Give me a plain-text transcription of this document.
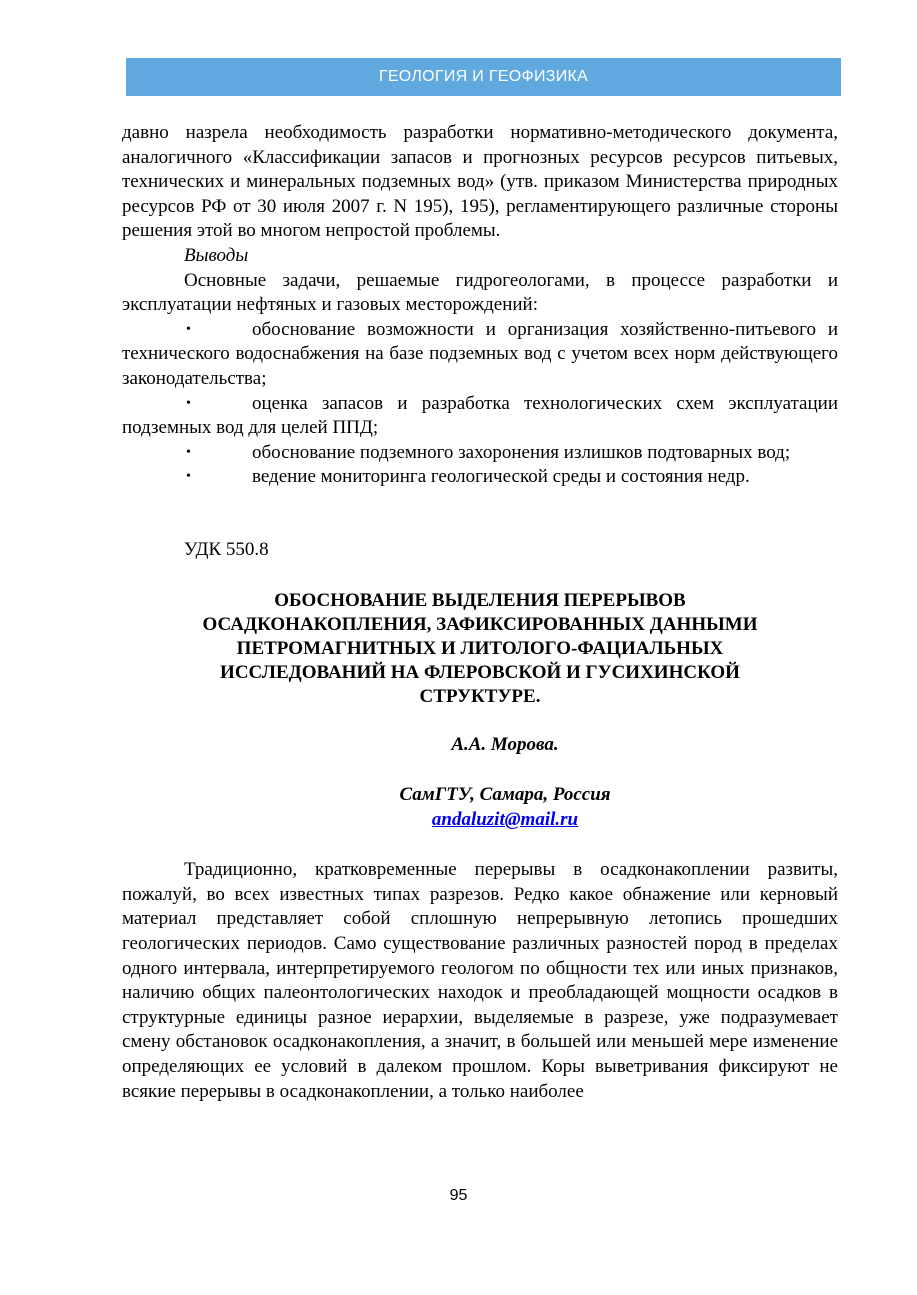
ГЕОЛОГИЯ И ГЕОФИЗИКА

давно назрела необходимость разработки нормативно-методического документа, аналогичного «Классификации запасов и прогнозных ресурсов ресурсов питьевых, технических и минеральных подземных вод» (утв. приказом Министерства природных ресурсов РФ от 30 июля 2007 г. N 195), 195), регламентирующего различные стороны решения этой во многом непростой проблемы.

Выводы

Основные задачи, решаемые гидрогеологами, в процессе разработки и эксплуатации нефтяных и газовых месторождений:

•	обоснование возможности и организация хозяйственно-питьевого и технического водоснабжения на базе подземных вод с учетом всех норм действующего законодательства;
•	оценка запасов и разработка технологических схем эксплуатации подземных вод для целей ППД;
•	обоснование подземного захоронения излишков подтоварных вод;
•	ведение мониторинга геологической среды и состояния недр.

УДК 550.8

ОБОСНОВАНИЕ ВЫДЕЛЕНИЯ ПЕРЕРЫВОВ ОСАДКОНАКОПЛЕНИЯ, ЗАФИКСИРОВАННЫХ ДАННЫМИ ПЕТРОМАГНИТНЫХ И ЛИТОЛОГО-ФАЦИАЛЬНЫХ ИССЛЕДОВАНИЙ НА ФЛЕРОВСКОЙ И ГУСИХИНСКОЙ СТРУКТУРЕ.

А.А. Морова.

СамГТУ, Самара, Россия

andaluzit@mail.ru

Традиционно, кратковременные перерывы в осадконакоплении развиты, пожалуй, во всех известных типах разрезов. Редко какое обнажение или керновый материал представляет собой сплошную непрерывную летопись прошедших геологических периодов. Само существование различных разностей пород в пределах одного интервала, интерпретируемого геологом по общности тех или иных признаков, наличию общих палеонтологических находок и преобладающей мощности осадков в структурные единицы разное иерархии, выделяемые в разрезе, уже подразумевает смену обстановок осадконакопления, а значит, в большей или меньшей мере изменение определяющих ее условий в далеком прошлом. Коры выветривания фиксируют не всякие перерывы в осадконакоплении, а только наиболее

95
